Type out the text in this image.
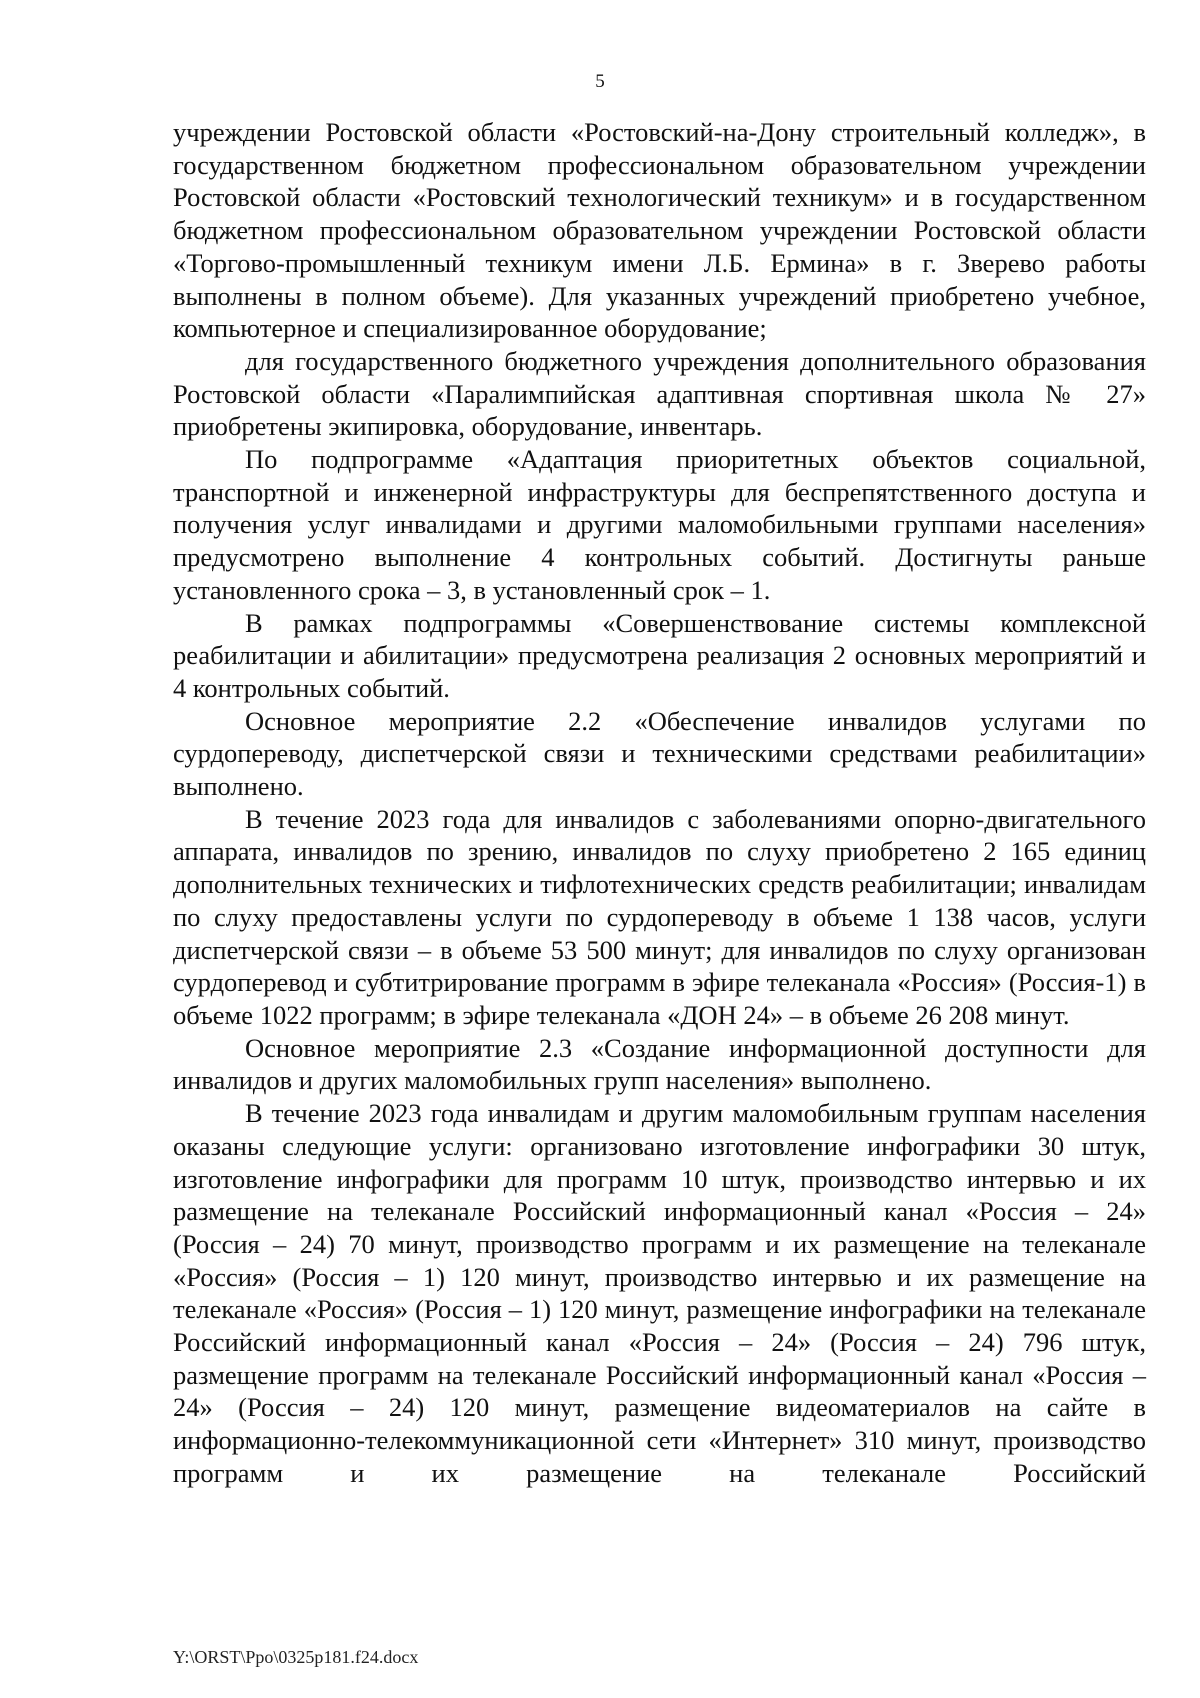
5

учреждении Ростовской области «Ростовский-на-Дону строительный колледж», в государственном бюджетном профессиональном образовательном учреждении Ростовской области «Ростовский технологический техникум» и в государственном бюджетном профессиональном образовательном учреждении Ростовской области «Торгово-промышленный техникум имени Л.Б. Ермина» в г. Зверево работы выполнены в полном объеме). Для указанных учреждений приобретено учебное, компьютерное и специализированное оборудование;

для государственного бюджетного учреждения дополнительного образования Ростовской области «Паралимпийская адаптивная спортивная школа № 27» приобретены экипировка, оборудование, инвентарь.

По подпрограмме «Адаптация приоритетных объектов социальной, транспортной и инженерной инфраструктуры для беспрепятственного доступа и получения услуг инвалидами и другими маломобильными группами населения» предусмотрено выполнение 4 контрольных событий. Достигнуты раньше установленного срока – 3, в установленный срок – 1.

В рамках подпрограммы «Совершенствование системы комплексной реабилитации и абилитации» предусмотрена реализация 2 основных мероприятий и 4 контрольных событий.

Основное мероприятие 2.2 «Обеспечение инвалидов услугами по сурдопереводу, диспетчерской связи и техническими средствами реабилитации» выполнено.

В течение 2023 года для инвалидов с заболеваниями опорно-двигательного аппарата, инвалидов по зрению, инвалидов по слуху приобретено 2 165 единиц дополнительных технических и тифлотехнических средств реабилитации; инвалидам по слуху предоставлены услуги по сурдопереводу в объеме 1 138 часов, услуги диспетчерской связи – в объеме 53 500 минут; для инвалидов по слуху организован сурдоперевод и субтитрирование программ в эфире телеканала «Россия» (Россия-1) в объеме 1022 программ; в эфире телеканала «ДОН 24» – в объеме 26 208 минут.

Основное мероприятие 2.3 «Создание информационной доступности для инвалидов и других маломобильных групп населения» выполнено.

В течение 2023 года инвалидам и другим маломобильным группам населения оказаны следующие услуги: организовано изготовление инфографики 30 штук, изготовление инфографики для программ 10 штук, производство интервью и их размещение на телеканале Российский информационный канал «Россия – 24» (Россия – 24) 70 минут, производство программ и их размещение на телеканале «Россия» (Россия – 1) 120 минут, производство интервью и их размещение на телеканале «Россия» (Россия – 1) 120 минут, размещение инфографики на телеканале Российский информационный канал «Россия – 24» (Россия – 24) 796 штук, размещение программ на телеканале Российский информационный канал «Россия – 24» (Россия – 24) 120 минут, размещение видеоматериалов на сайте в информационно-телекоммуникационной сети «Интернет» 310 минут, производство программ и их размещение на телеканале Российский

Y:\ORST\Ppo\0325p181.f24.docx
